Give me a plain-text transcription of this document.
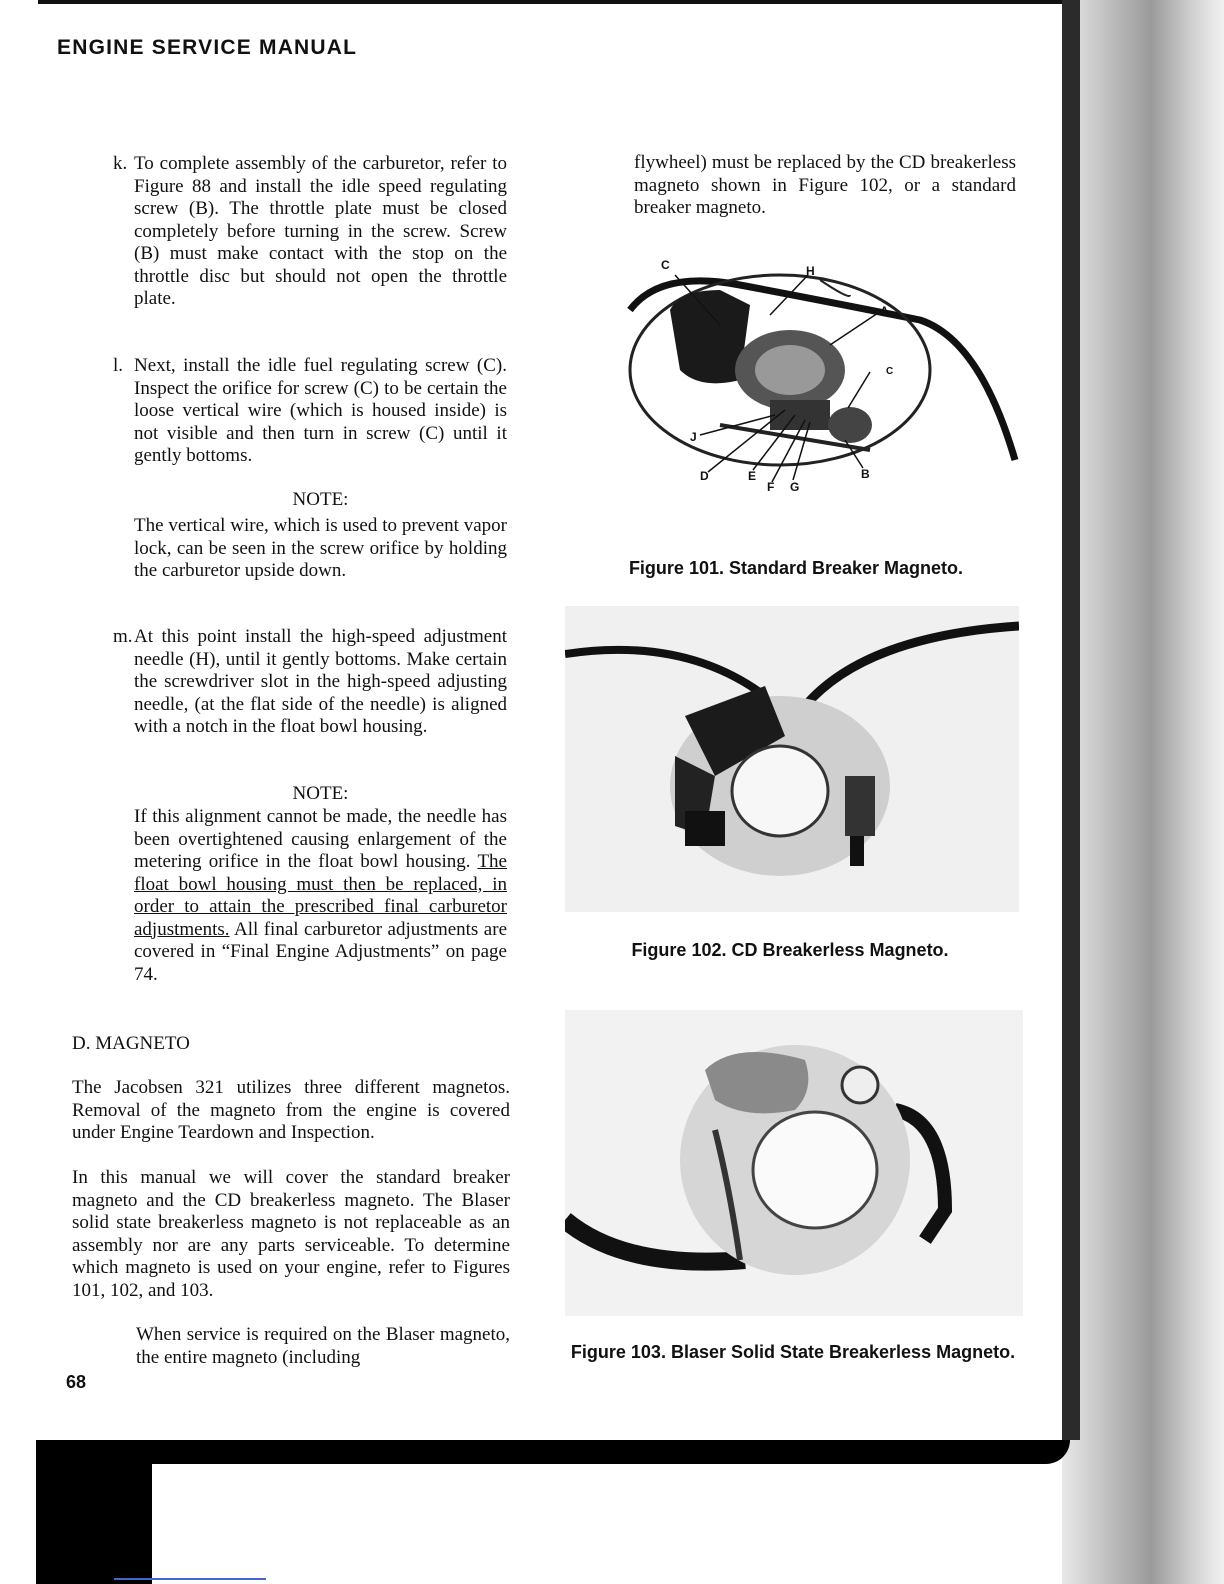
ENGINE SERVICE MANUAL
k. To complete assembly of the carburetor, refer to Figure 88 and install the idle speed regulating screw (B). The throttle plate must be closed completely before turning in the screw. Screw (B) must make contact with the stop on the throttle disc but should not open the throttle plate.

l. Next, install the idle fuel regulating screw (C). Inspect the orifice for screw (C) to be certain the loose vertical wire (which is housed inside) is not visible and then turn in screw (C) until it gently bottoms.

NOTE:

The vertical wire, which is used to prevent vapor lock, can be seen in the screw orifice by holding the carburetor upside down.

m. At this point install the high-speed adjustment needle (H), until it gently bottoms. Make certain the screwdriver slot in the high-speed adjusting needle, (at the flat side of the needle) is aligned with a notch in the float bowl housing.

NOTE:

If this alignment cannot be made, the needle has been overtightened causing enlargement of the metering orifice in the float bowl housing. The float bowl housing must then be replaced, in order to attain the prescribed final carburetor adjustments. All final carburetor adjustments are covered in “Final Engine Adjustments” on page 74.

D. MAGNETO

The Jacobsen 321 utilizes three different magnetos. Removal of the magneto from the engine is covered under Engine Teardown and Inspection.

In this manual we will cover the standard breaker magneto and the CD breakerless magneto. The Blaser solid state breakerless magneto is not replaceable as an assembly nor are any parts serviceable. To determine which magneto is used on your engine, refer to Figures 101, 102, and 103.

When service is required on the Blaser magneto, the entire magneto (including

68

flywheel) must be replaced by the CD breakerless magneto shown in Figure 102, or a standard breaker magneto.

C	H
A
C
J
D	E
F G
B
Figure 101. Standard Breaker Magneto.
Figure 102. CD Breakerless Magneto.
Figure 103. Blaser Solid State Breakerless Magneto.
